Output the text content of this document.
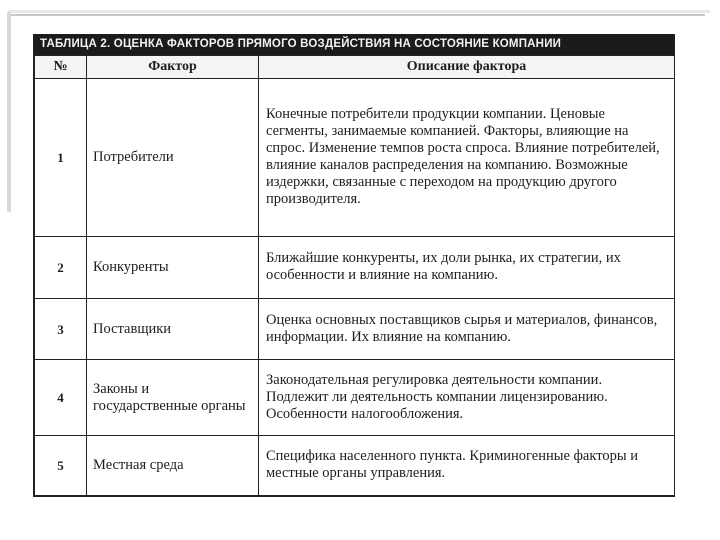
ТАБЛИЦА 2. ОЦЕНКА ФАКТОРОВ ПРЯМОГО ВОЗДЕЙСТВИЯ НА СОСТОЯНИЕ КОМПАНИИ
№	Фактор	Описание фактора
1	Потребители	Конечные потребители продукции компании. Ценовые сегменты, занимаемые компанией. Факторы, влияющие на спрос. Изменение темпов роста спроса. Влияние потребителей, влияние каналов распределения на компанию. Возможные издержки, связанные с переходом на продукцию другого производителя.
2	Конкуренты	Ближайшие конкуренты, их доли рынка, их стратегии, их особенности и влияние на компанию.
3	Поставщики	Оценка основных поставщиков сырья и материалов, финансов, информации. Их влияние на компанию.
4	Законы и государственные органы	Законодательная регулировка деятельности компании. Подлежит ли деятельность компании лицензированию. Особенности налогообложения.
5	Местная среда	Специфика населенного пункта. Криминогенные факторы и местные органы управления.
